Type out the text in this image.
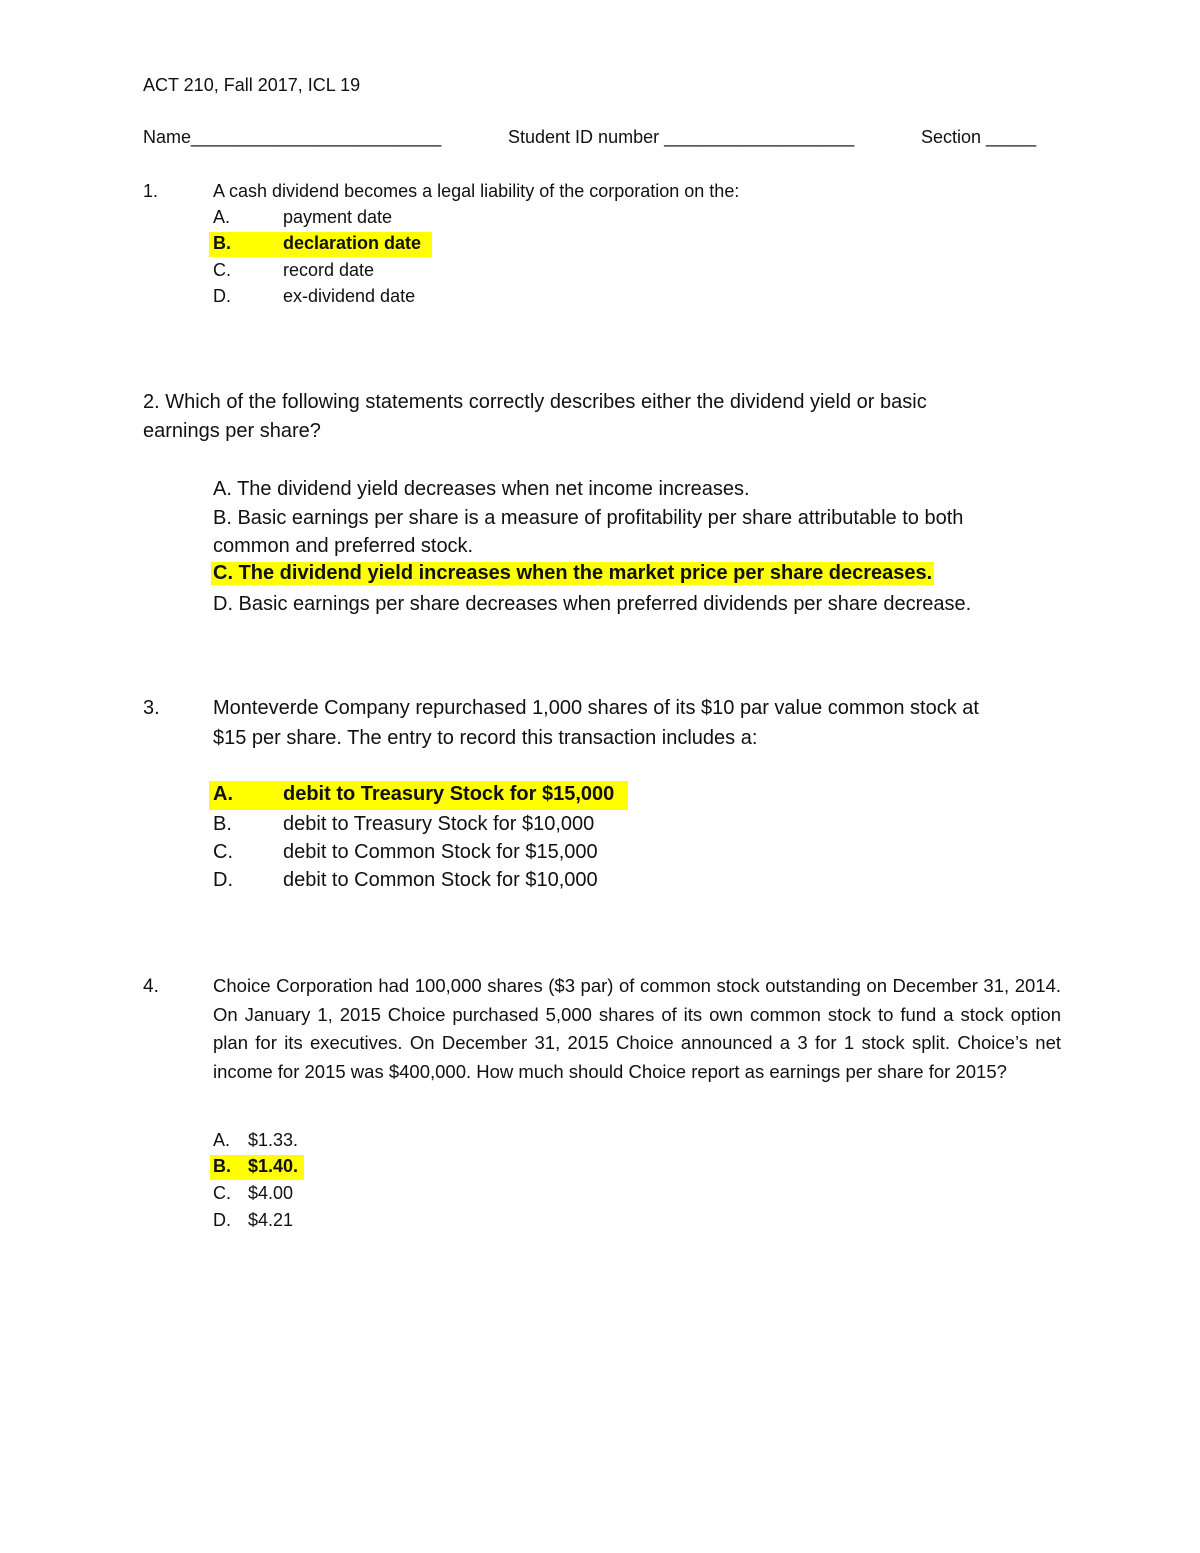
ACT 210, Fall 2017, ICL 19
Name_________________________	Student ID number ___________________	Section _____
1.	A cash dividend becomes a legal liability of the corporation on the:
A.	payment date
B.	declaration date
C.	record date
D.	ex-dividend date
2. Which of the following statements correctly describes either the dividend yield or basic
earnings per share?
A. The dividend yield decreases when net income increases.
B. Basic earnings per share is a measure of profitability per share attributable to both
common and preferred stock.
C. The dividend yield increases when the market price per share decreases.
D. Basic earnings per share decreases when preferred dividends per share decrease.
3.	Monteverde Company repurchased 1,000 shares of its $10 par value common stock at
$15 per share. The entry to record this transaction includes a:
A.	debit to Treasury Stock for $15,000
B.	debit to Treasury Stock for $10,000
C.	debit to Common Stock for $15,000
D.	debit to Common Stock for $10,000
4.	Choice Corporation had 100,000 shares ($3 par) of common stock outstanding on December 31, 2014. On January 1, 2015 Choice purchased 5,000 shares of its own common stock to fund a stock option plan for its executives. On December 31, 2015 Choice announced a 3 for 1 stock split. Choice’s net income for 2015 was $400,000. How much should Choice report as earnings per share for 2015?
A. $1.33.
B. $1.40.
C. $4.00
D. $4.21
